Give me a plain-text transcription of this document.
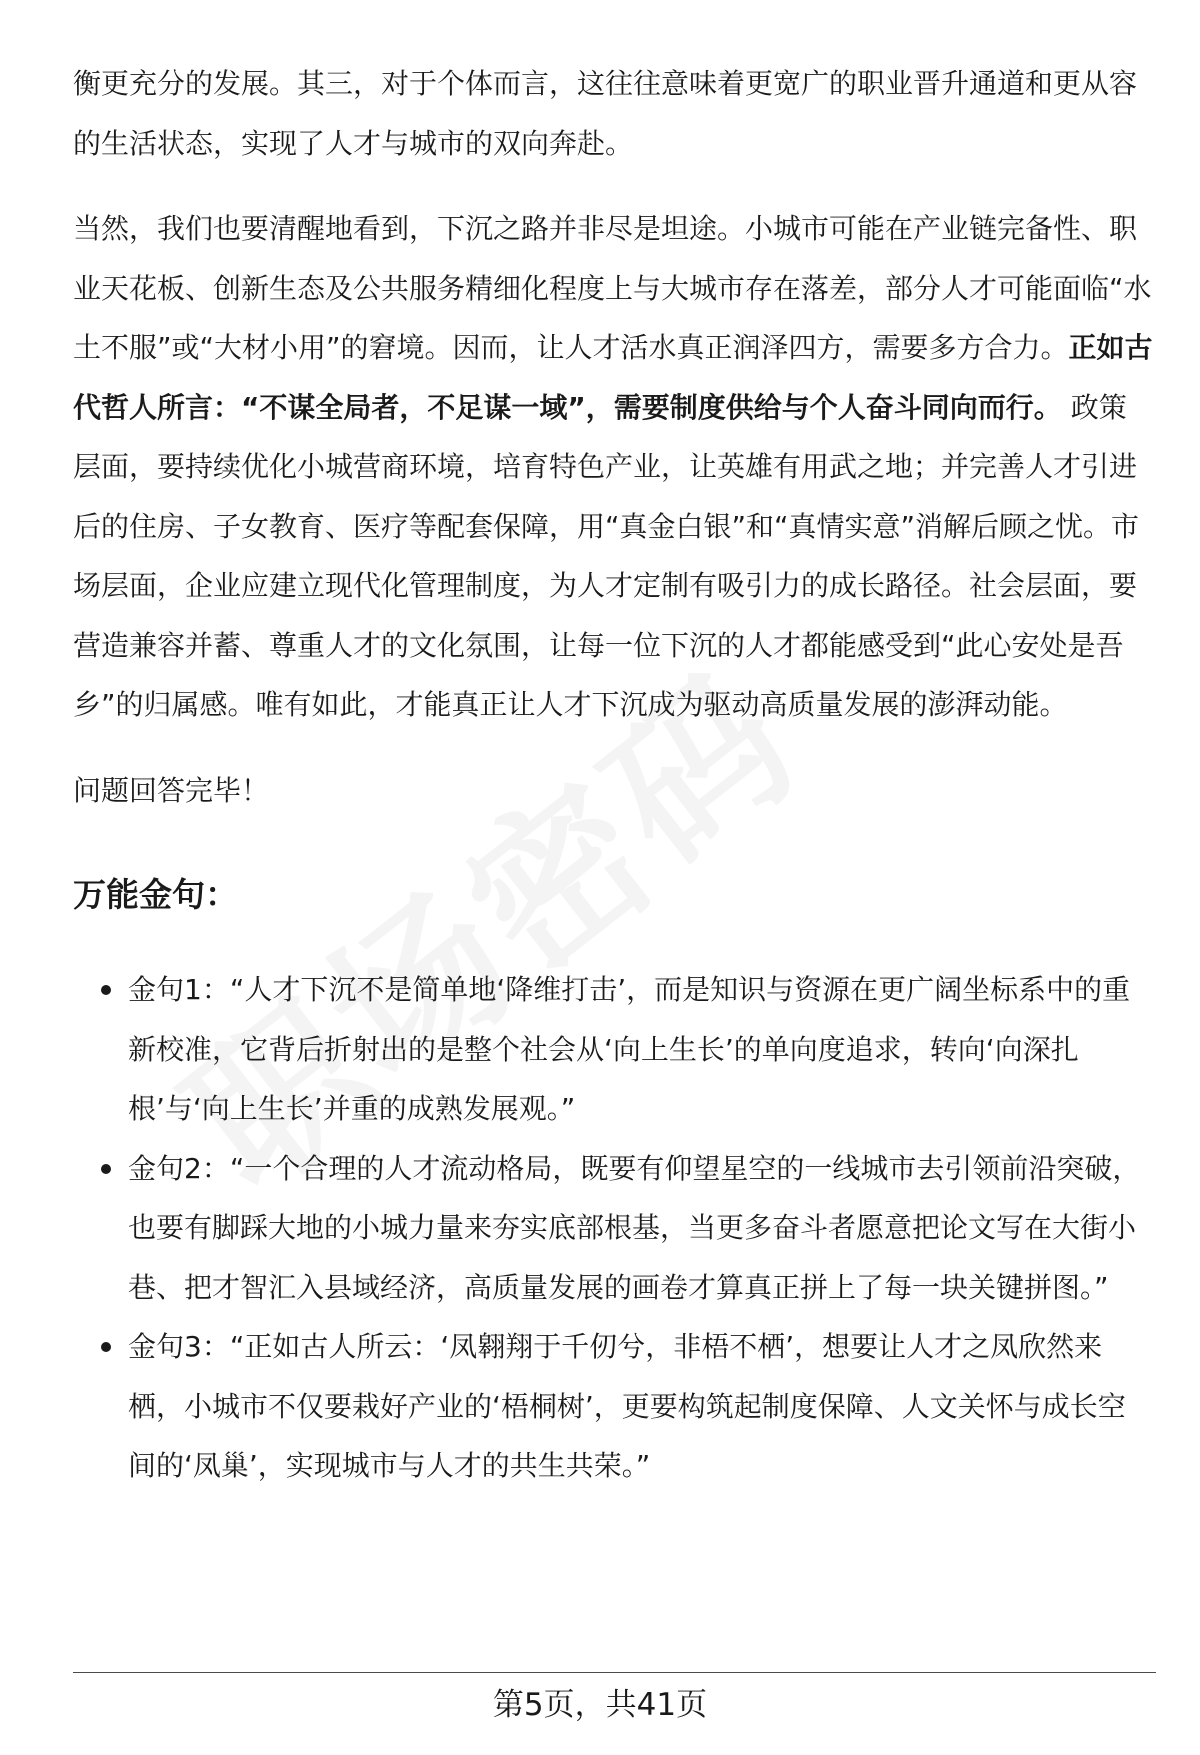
衡更充分的发展。其三，对于个体而言，这往往意味着更宽广的职业晋升通道和更从容的生活状态，实现了人才与城市的双向奔赴。

当然，我们也要清醒地看到，下沉之路并非尽是坦途。小城市可能在产业链完备性、职业天花板、创新生态及公共服务精细化程度上与大城市存在落差，部分人才可能面临“水土不服”或“大材小用”的窘境。因而，让人才活水真正润泽四方，需要多方合力。正如古代哲人所言：“不谋全局者，不足谋一域”，需要制度供给与个人奋斗同向而行。 政策层面，要持续优化小城营商环境，培育特色产业，让英雄有用武之地；并完善人才引进后的住房、子女教育、医疗等配套保障，用“真金白银”和“真情实意”消解后顾之忧。市场层面，企业应建立现代化管理制度，为人才定制有吸引力的成长路径。社会层面，要营造兼容并蓄、尊重人才的文化氛围，让每一位下沉的人才都能感受到“此心安处是吾乡”的归属感。唯有如此，才能真正让人才下沉成为驱动高质量发展的澎湃动能。

问题回答完毕！

万能金句：
金句1：“人才下沉不是简单地‘降维打击’，而是知识与资源在更广阔坐标系中的重新校准，它背后折射出的是整个社会从‘向上生长’的单向度追求，转向‘向深扎根’与‘向上生长’并重的成熟发展观。”
金句2：“一个合理的人才流动格局，既要有仰望星空的一线城市去引领前沿突破，也要有脚踩大地的小城力量来夯实底部根基，当更多奋斗者愿意把论文写在大街小巷、把才智汇入县域经济，高质量发展的画卷才算真正拼上了每一块关键拼图。”
金句3：“正如古人所云：‘凤翱翔于千仞兮，非梧不栖’，想要让人才之凤欣然来栖，小城市不仅要栽好产业的‘梧桐树’，更要构筑起制度保障、人文关怀与成长空间的‘凤巢’，实现城市与人才的共生共荣。”
第5页，共41页
